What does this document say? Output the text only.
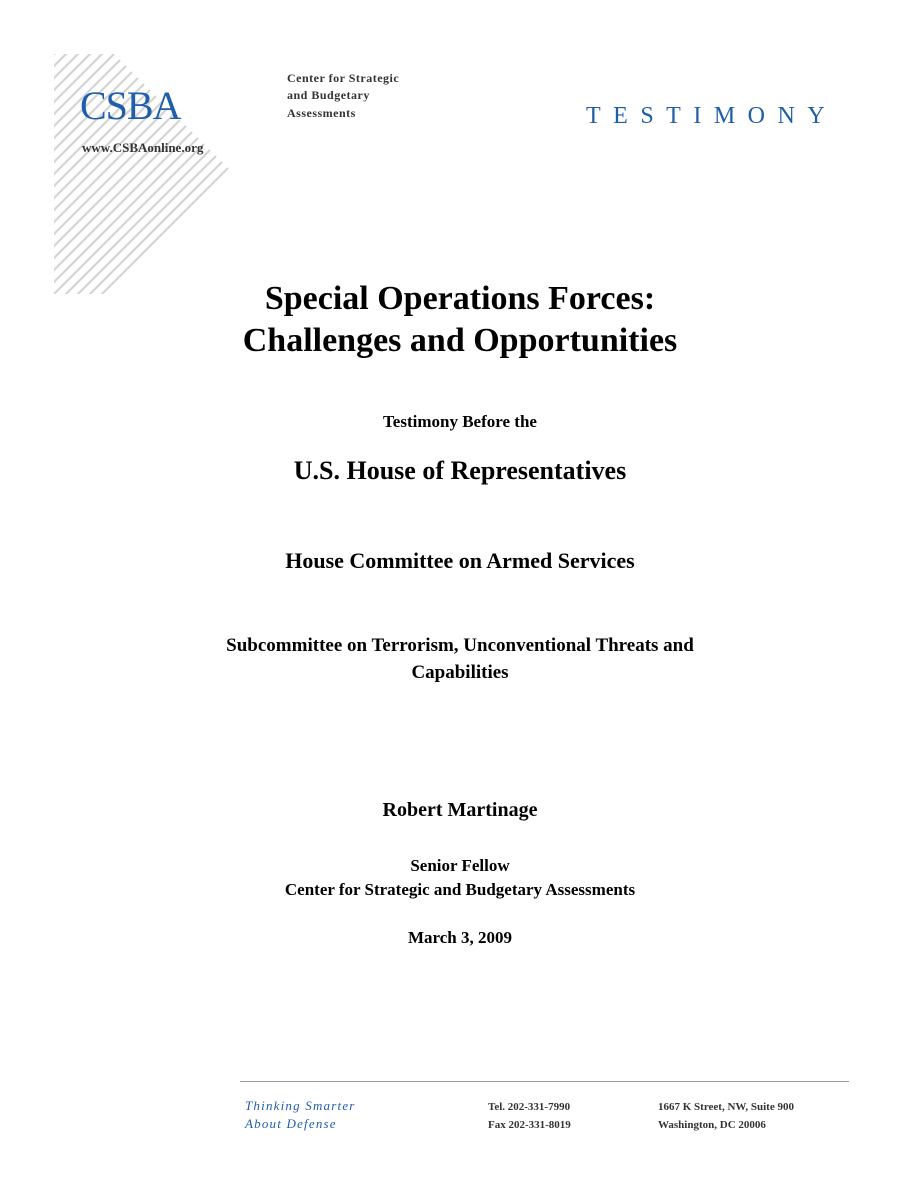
CSBA
www.CSBAonline.org
Center for Strategic
and Budgetary
Assessments	TESTIMONY
Special Operations Forces:
Challenges and Opportunities
Testimony Before the
U.S. House of Representatives
House Committee on Armed Services
Subcommittee on Terrorism, Unconventional Threats and
Capabilities
Robert Martinage
Senior Fellow
Center for Strategic and Budgetary Assessments
March 3, 2009
Thinking Smarter
About Defense
Tel. 202-331-7990
Fax 202-331-8019
1667 K Street, NW, Suite 900
Washington, DC 20006
